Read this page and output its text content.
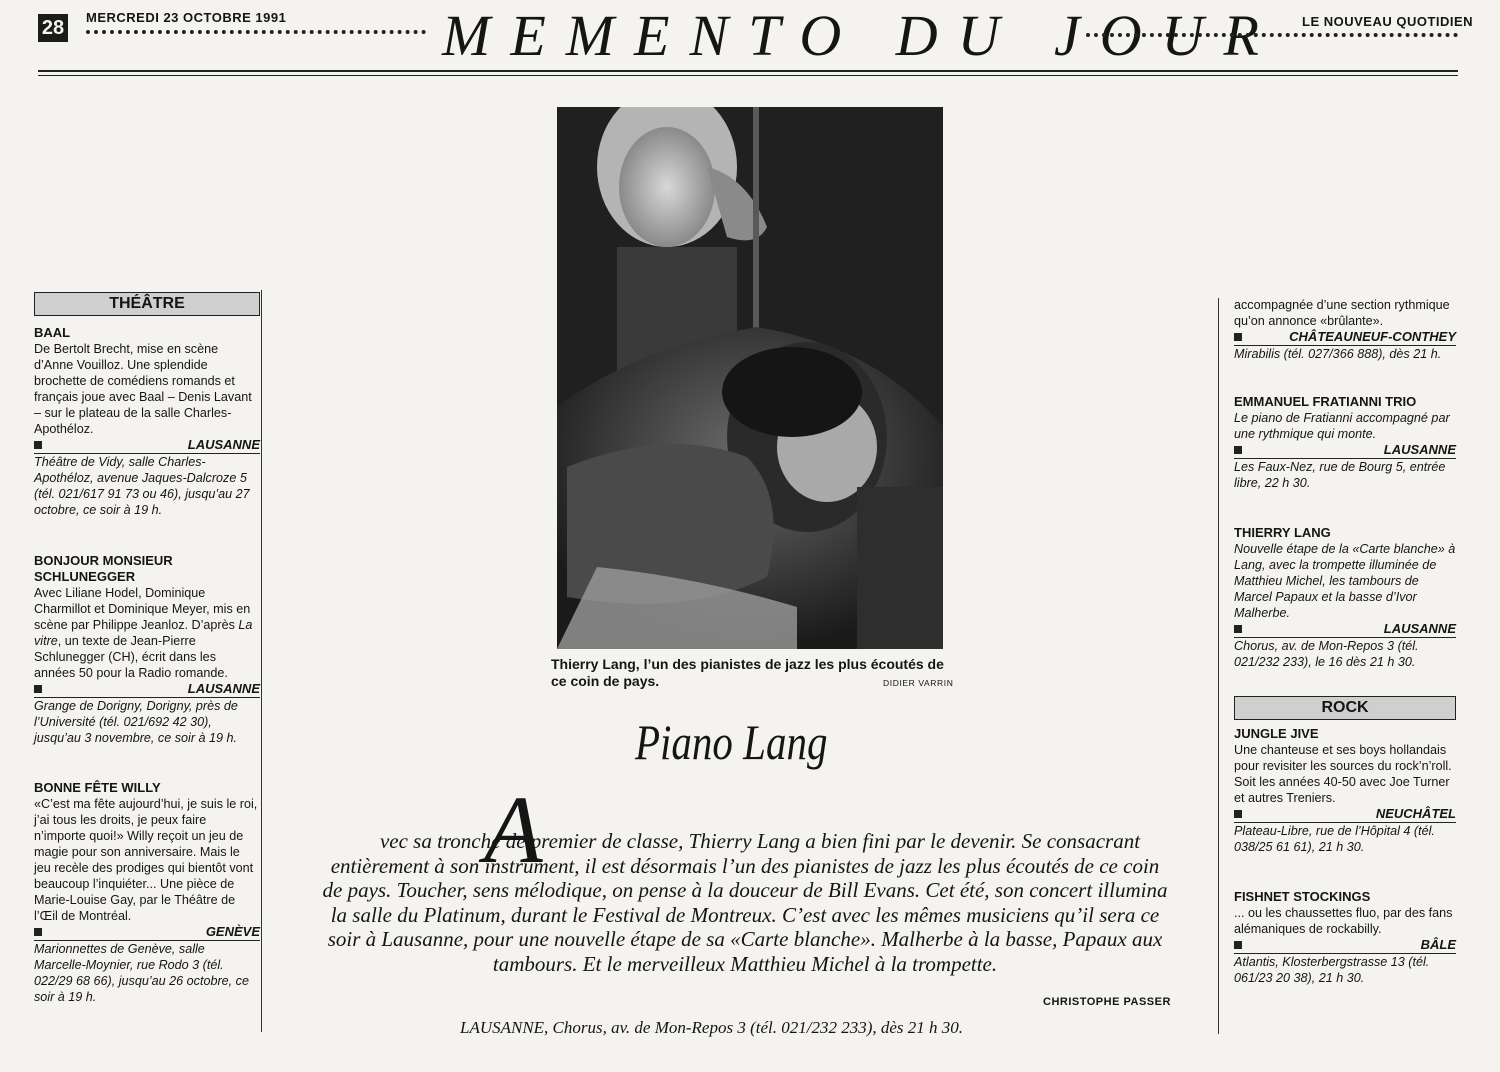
28 MERCREDI 23 OCTOBRE 1991	MEMENTO DU JOUR LE NOUVEAU QUOTIDIEN
THÉÂTRE
BAAL
De Bertolt Brecht, mise en scène d’Anne Vouilloz. Une splendide brochette de comédiens romands et français joue avec Baal – Denis Lavant – sur le plateau de la salle Charles-Apothéloz.
LAUSANNE
Théâtre de Vidy, salle Charles-Apothéloz, avenue Jaques-Dalcroze 5 (tél. 021/617 91 73 ou 46), jusqu’au 27 octobre, ce soir à 19 h.
BONJOUR MONSIEUR SCHLUNEGGER
Avec Liliane Hodel, Dominique Charmillot et Dominique Meyer, mis en scène par Philippe Jeanloz. D’après La vitre, un texte de Jean-Pierre Schlunegger (CH), écrit dans les années 50 pour la Radio romande.
LAUSANNE
Grange de Dorigny, Dorigny, près de l’Université (tél. 021/692 42 30), jusqu’au 3 novembre, ce soir à 19 h.
BONNE FÊTE WILLY
«C’est ma fête aujourd’hui, je suis le roi, j’ai tous les droits, je peux faire n’importe quoi!» Willy reçoit un jeu de magie pour son anniversaire. Mais le jeu recèle des prodiges qui bientôt vont beaucoup l’inquiéter... Une pièce de Marie-Louise Gay, par le Théâtre de l’Œil de Montréal.
GENÈVE
Marionnettes de Genève, salle Marcelle-Moynier, rue Rodo 3 (tél. 022/29 68 66), jusqu’au 26 octobre, ce soir à 19 h.
Thierry Lang, l’un des pianistes de jazz les plus écoutés de ce coin de pays.	DIDIER VARRIN
Piano Lang
A
vec sa tronche de premier de classe, Thierry Lang a bien fini par le devenir. Se consacrant entièrement à son instrument, il est désormais l’un des pianistes de jazz les plus écoutés de ce coin de pays. Toucher, sens mélodique, on pense à la douceur de Bill Evans. Cet été, son concert illumina la salle du Platinum, durant le Festival de Montreux. C’est avec les mêmes musiciens qu’il sera ce soir à Lausanne, pour une nouvelle étape de sa «Carte blanche». Malherbe à la basse, Papaux aux tambours. Et le merveilleux Matthieu Michel à la trompette.
CHRISTOPHE PASSER
LAUSANNE, Chorus, av. de Mon-Repos 3 (tél. 021/232 233), dès 21 h 30.
accompagnée d’une section rythmique qu’on annonce «brûlante».
CHÂTEAUNEUF-CONTHEY
Mirabilis (tél. 027/366 888), dès 21 h.
EMMANUEL FRATIANNI TRIO
Le piano de Fratianni accompagné par une rythmique qui monte.
LAUSANNE
Les Faux-Nez, rue de Bourg 5, entrée libre, 22 h 30.
THIERRY LANG
Nouvelle étape de la «Carte blanche» à Lang, avec la trompette illuminée de Matthieu Michel, les tambours de Marcel Papaux et la basse d’Ivor Malherbe.
LAUSANNE
Chorus, av. de Mon-Repos 3 (tél. 021/232 233), le 16 dès 21 h 30.
ROCK
JUNGLE JIVE
Une chanteuse et ses boys hollandais pour revisiter les sources du rock’n’roll. Soit les années 40-50 avec Joe Turner et autres Treniers.
NEUCHÂTEL
Plateau-Libre, rue de l’Hôpital 4 (tél. 038/25 61 61), 21 h 30.
FISHNET STOCKINGS
... ou les chaussettes fluo, par des fans alémaniques de rockabilly.
BÂLE
Atlantis, Klosterbergstrasse 13 (tél. 061/23 20 38), 21 h 30.
